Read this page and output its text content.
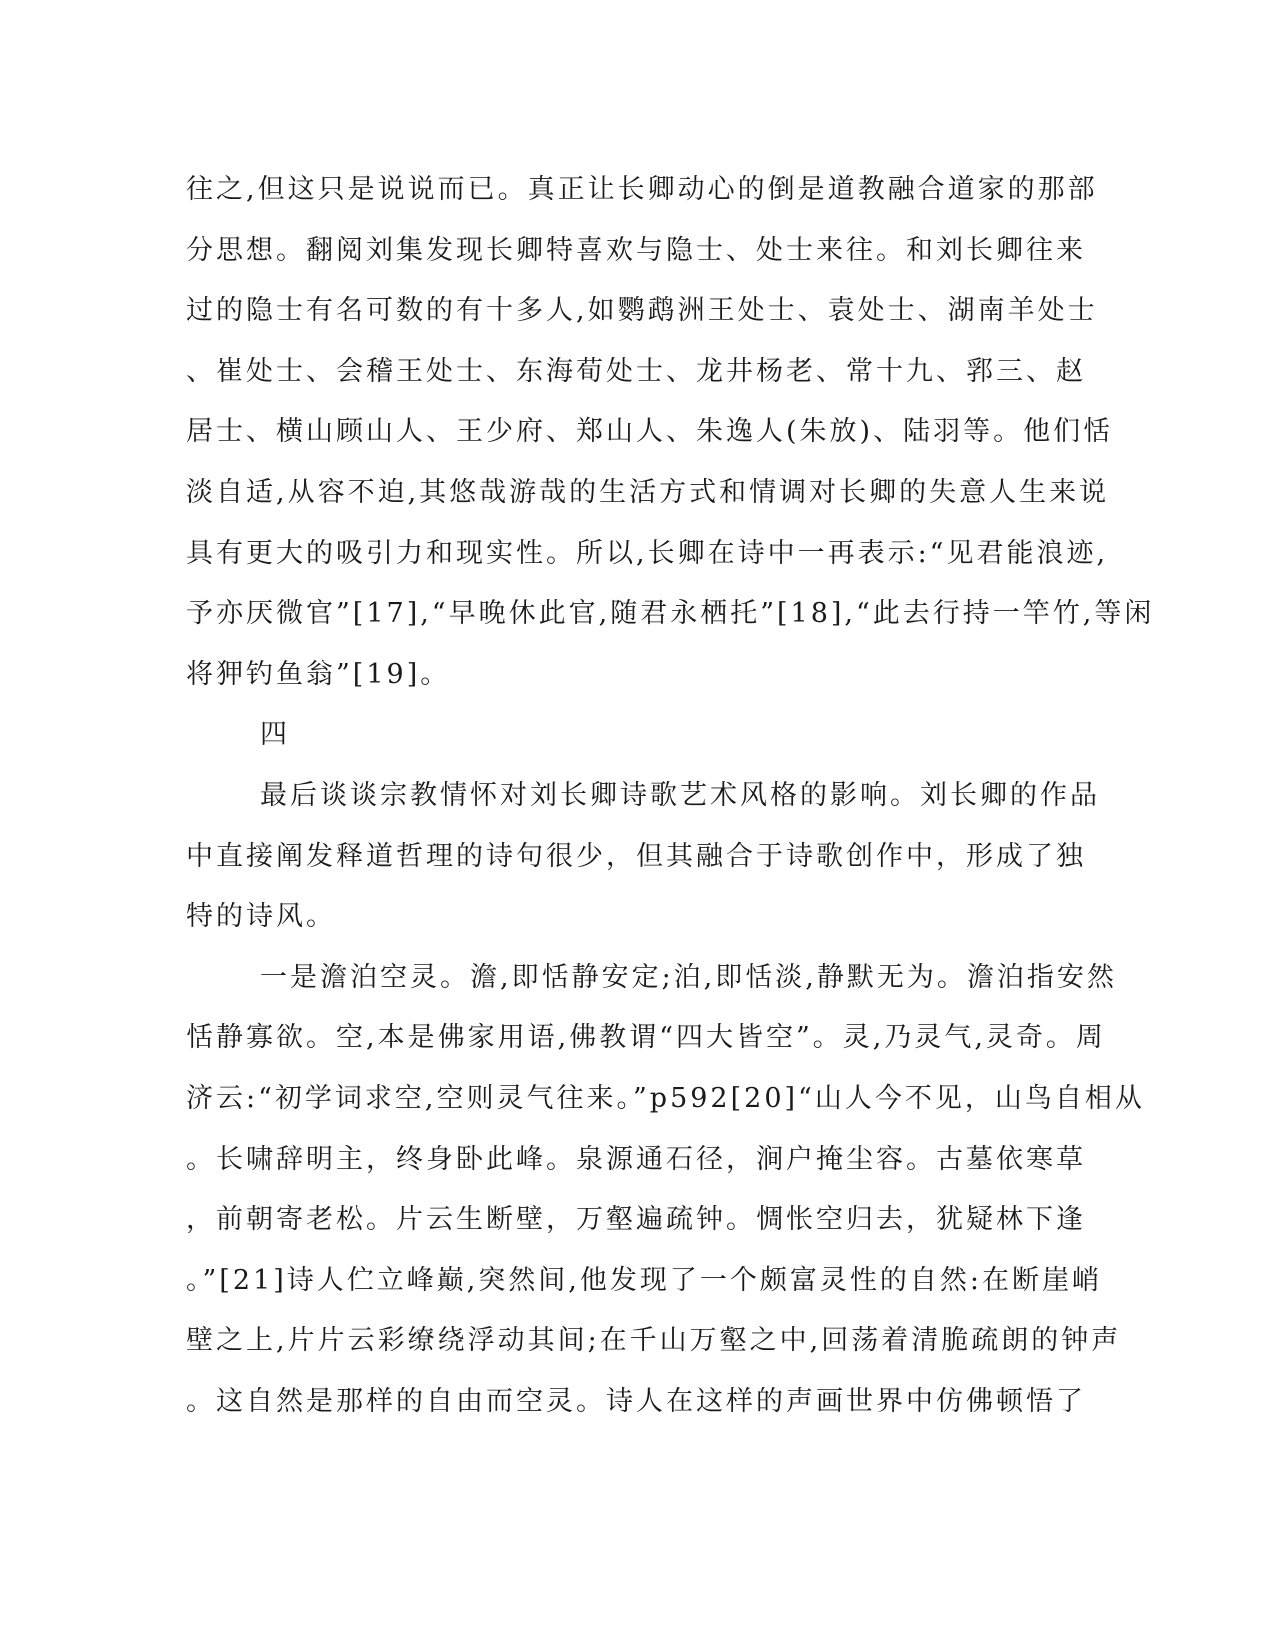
往之,但这只是说说而已。真正让长卿动心的倒是道教融合道家的那部
分思想。翻阅刘集发现长卿特喜欢与隐士、处士来往。和刘长卿往来
过的隐士有名可数的有十多人,如鹦鹉洲王处士、袁处士、湖南羊处士
、崔处士、会稽王处士、东海荀处士、龙井杨老、常十九、郛三、赵
居士、横山顾山人、王少府、郑山人、朱逸人(朱放)、陆羽等。他们恬
淡自适,从容不迫,其悠哉游哉的生活方式和情调对长卿的失意人生来说
具有更大的吸引力和现实性。所以,长卿在诗中一再表示:“见君能浪迹,
予亦厌微官”[17],“早晚休此官,随君永栖托”[18],“此去行持一竿竹,等闲
将狎钓鱼翁”[19]。
四
最后谈谈宗教情怀对刘长卿诗歌艺术风格的影响。刘长卿的作品
中直接阐发释道哲理的诗句很少，但其融合于诗歌创作中，形成了独
特的诗风。
一是澹泊空灵。澹,即恬静安定;泊,即恬淡,静默无为。澹泊指安然
恬静寡欲。空,本是佛家用语,佛教谓“四大皆空”。灵,乃灵气,灵奇。周
济云:“初学词求空,空则灵气往来。”p592[20]“山人今不见，山鸟自相从
。长啸辞明主，终身卧此峰。泉源通石径，涧户掩尘容。古墓依寒草
，前朝寄老松。片云生断壁，万壑遍疏钟。惆怅空归去，犹疑林下逢
。”[21]诗人伫立峰巅,突然间,他发现了一个颇富灵性的自然:在断崖峭
壁之上,片片云彩缭绕浮动其间;在千山万壑之中,回荡着清脆疏朗的钟声
。这自然是那样的自由而空灵。诗人在这样的声画世界中仿佛顿悟了
